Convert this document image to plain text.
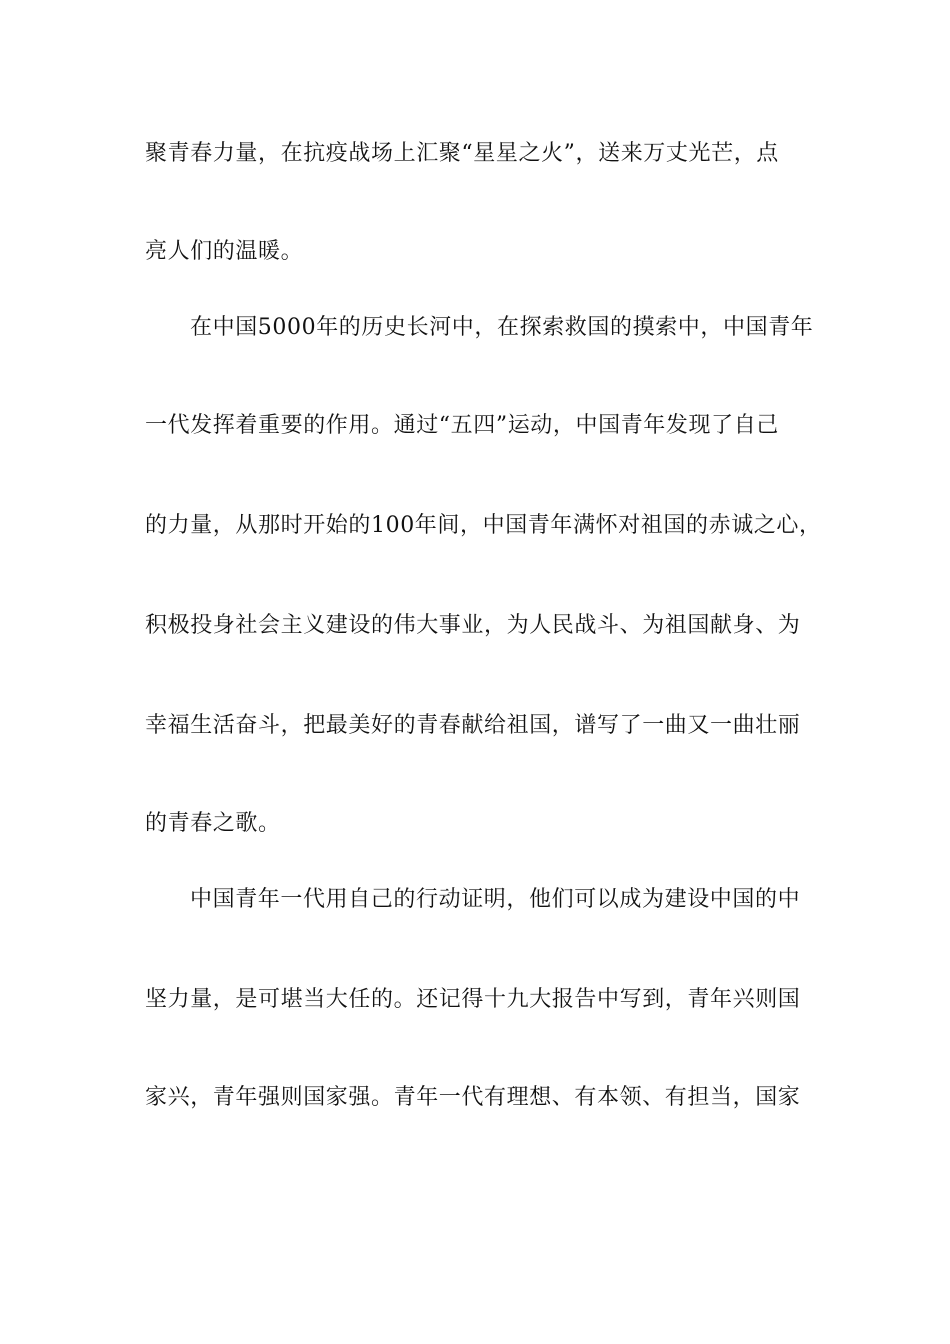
聚青春力量，在抗疫战场上汇聚“星星之火”，送来万丈光芒，点
亮人们的温暖。
在中国5000年的历史长河中，在探索救国的摸索中，中国青年
一代发挥着重要的作用。通过“五四”运动，中国青年发现了自己
的力量，从那时开始的100年间，中国青年满怀对祖国的赤诚之心，
积极投身社会主义建设的伟大事业，为人民战斗、为祖国献身、为
幸福生活奋斗，把最美好的青春献给祖国，谱写了一曲又一曲壮丽
的青春之歌。
中国青年一代用自己的行动证明，他们可以成为建设中国的中
坚力量，是可堪当大任的。还记得十九大报告中写到，青年兴则国
家兴，青年强则国家强。青年一代有理想、有本领、有担当，国家
